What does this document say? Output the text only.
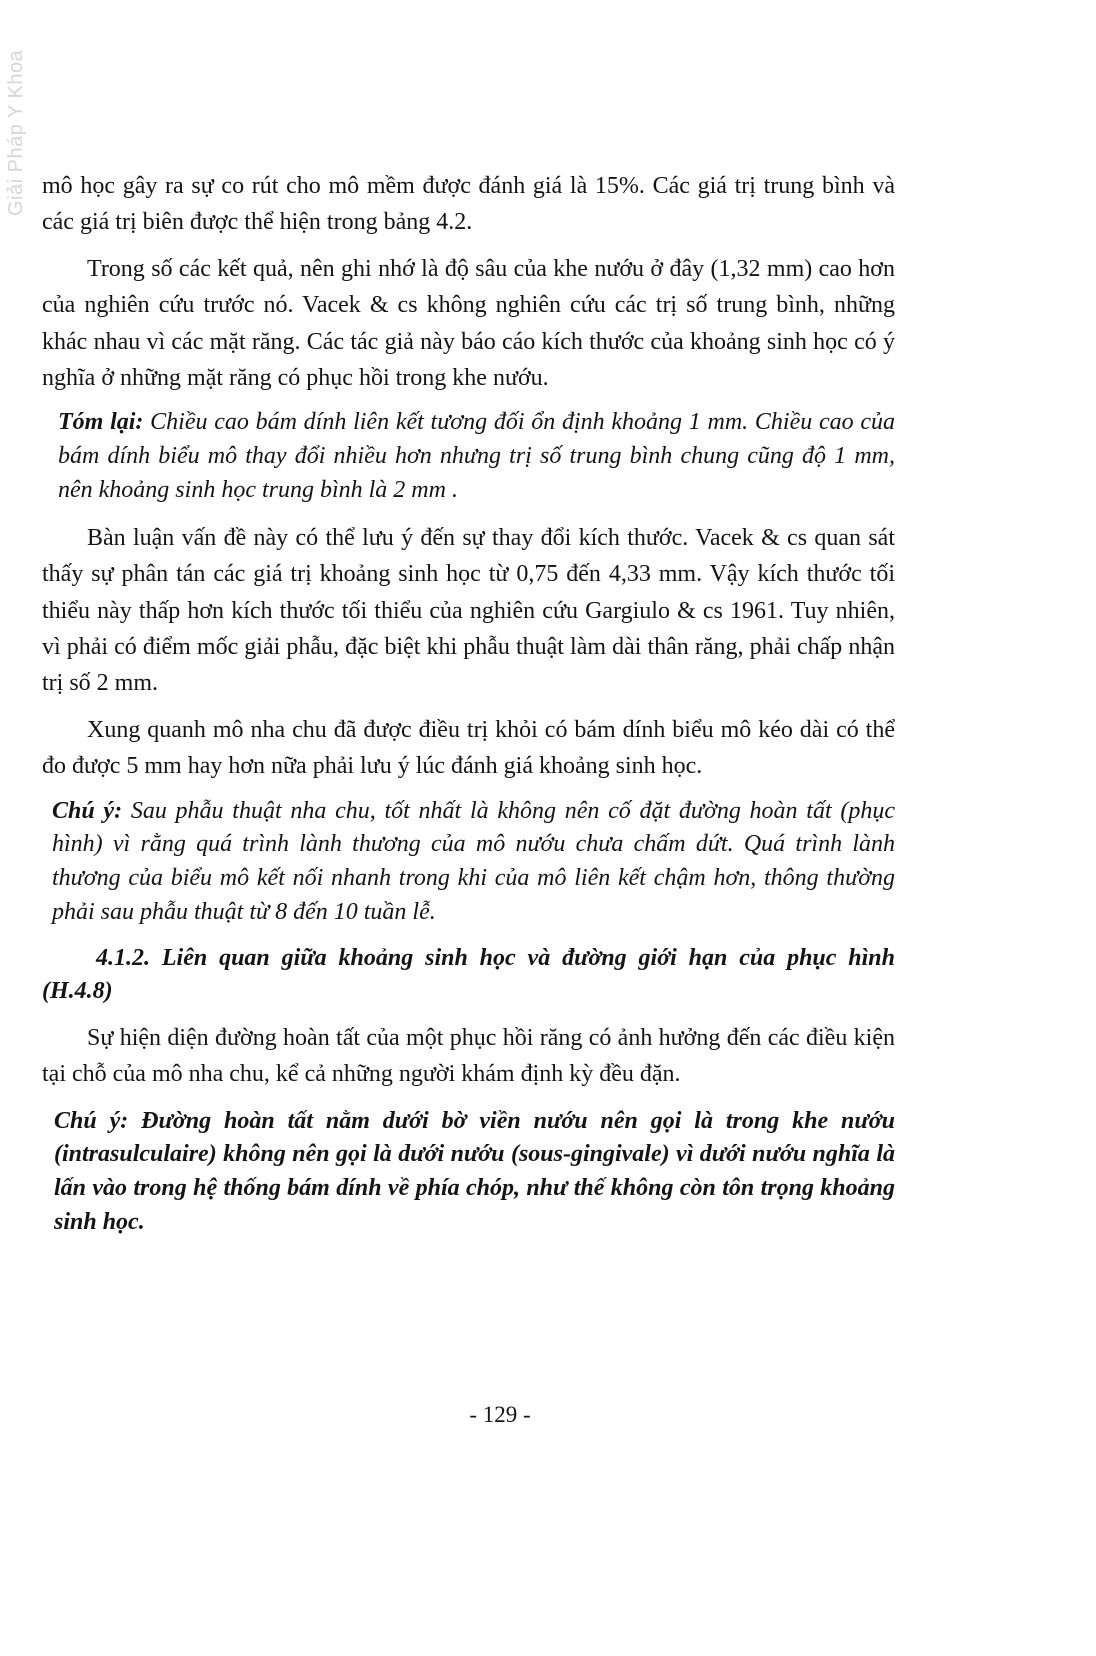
Giải Pháp Y Khoa mô học gây ra sự co rút cho mô mềm được đánh giá là 15%. Các giá trị trung bình và các giá trị biên được thể hiện trong bảng 4.2.

Trong số các kết quả, nên ghi nhớ là độ sâu của khe nướu ở đây (1,32 mm) cao hơn của nghiên cứu trước nó. Vacek & cs không nghiên cứu các trị số trung bình, những khác nhau vì các mặt răng. Các tác giả này báo cáo kích thước của khoảng sinh học có ý nghĩa ở những mặt răng có phục hồi trong khe nướu.

Tóm lại: Chiều cao bám dính liên kết tương đối ổn định khoảng 1 mm. Chiều cao của bám dính biểu mô thay đổi nhiều hơn nhưng trị số trung bình chung cũng độ 1 mm, nên khoảng sinh học trung bình là 2 mm .

Bàn luận vấn đề này có thể lưu ý đến sự thay đổi kích thước. Vacek & cs quan sát thấy sự phân tán các giá trị khoảng sinh học từ 0,75 đến 4,33 mm. Vậy kích thước tối thiểu này thấp hơn kích thước tối thiểu của nghiên cứu Gargiulo & cs 1961. Tuy nhiên, vì phải có điểm mốc giải phẫu, đặc biệt khi phẫu thuật làm dài thân răng, phải chấp nhận trị số 2 mm.

Xung quanh mô nha chu đã được điều trị khỏi có bám dính biểu mô kéo dài có thể đo được 5 mm hay hơn nữa phải lưu ý lúc đánh giá khoảng sinh học.

Chú ý: Sau phẫu thuật nha chu, tốt nhất là không nên cố đặt đường hoàn tất (phục hình) vì rằng quá trình lành thương của mô nướu chưa chấm dứt. Quá trình lành thương của biểu mô kết nối nhanh trong khi của mô liên kết chậm hơn, thông thường phải sau phẫu thuật từ 8 đến 10 tuần lễ.

4.1.2. Liên quan giữa khoảng sinh học và đường giới hạn của phục hình (H.4.8)

Sự hiện diện đường hoàn tất của một phục hồi răng có ảnh hưởng đến các điều kiện tại chỗ của mô nha chu, kể cả những người khám định kỳ đều đặn.

Chú ý: Đường hoàn tất nằm dưới bờ viền nướu nên gọi là trong khe nướu (intrasulculaire) không nên gọi là dưới nướu (sous-gingivale) vì dưới nướu nghĩa là lấn vào trong hệ thống bám dính về phía chóp, như thế không còn tôn trọng khoảng sinh học.

- 129 -
